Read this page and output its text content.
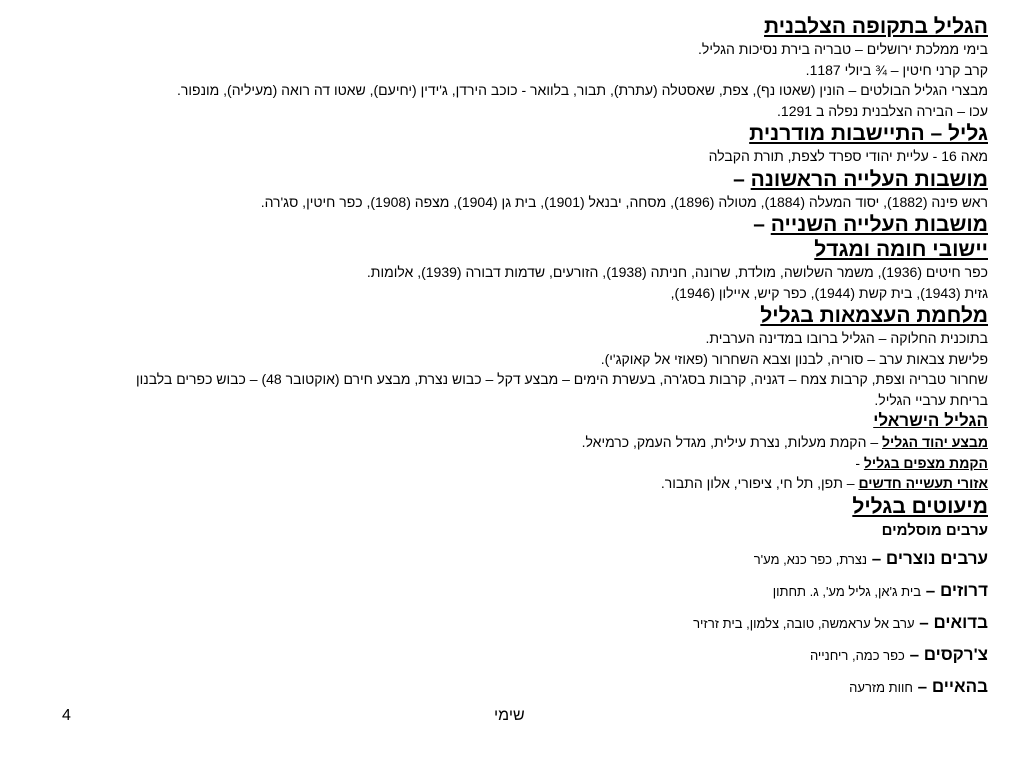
הגליל בתקופה הצלבנית

בימי ממלכת ירושלים – טבריה בירת נסיכות הגליל.

קרב קרני חיטין – ¾ ביולי 1187.

מבצרי הגליל הבולטים – הונין (שאטו נף), צפת, שאסטלה (עתרת), תבור, בלוואר - כוכב הירדן, ג'ידין (יחיעם), שאטו דה רואה (מעיליה), מונפור.

עכו – הבירה הצלבנית נפלה ב 1291.

גליל – התיישבות מודרנית

מאה 16 - עליית יהודי ספרד לצפת, תורת הקבלה

מושבות העלייה הראשונה –

ראש פינה (1882), יסוד המעלה (1884), מטולה (1896), מסחה, יבנאל (1901), בית גן (1904), מצפה (1908), כפר חיטין, סג'רה.

מושבות העלייה השנייה –
יישובי חומה ומגדל

כפר חיטים (1936), משמר השלושה, מולדת, שרונה, חניתה (1938), הזורעים, שדמות דבורה (1939), אלומות.

גזית (1943), בית קשת (1944), כפר קיש, איילון (1946),

מלחמת העצמאות בגליל

בתוכנית החלוקה – הגליל ברובו במדינה הערבית.

פלישת צבאות ערב – סוריה, לבנון וצבא השחרור (פאוזי אל קאוקג'י).

שחרור טבריה וצפת, קרבות צמח – דגניה, קרבות בסג'רה, בעשרת הימים – מבצע דקל – כבוש נצרת, מבצע חירם (אוקטובר 48) – כבוש כפרים בלבנון

בריחת ערביי הגליל.

הגליל הישראלי

מבצע יהוד הגליל – הקמת מעלות, נצרת עילית, מגדל העמק, כרמיאל.

הקמת מצפים בגליל -

אזורי תעשייה חדשים – תפן, תל חי, ציפורי, אלון התבור.

מיעוטים בגליל

ערבים מוסלמים

ערבים נוצרים – נצרת, כפר כנא, מע'ר

דרוזים – בית ג'אן, גליל מע', ג. תחתון

בדואים – ערב אל עראמשה, טובה, צלמון, בית זרזיר

צ'רקסים – כפר כמה, ריחנייה

בהאיים – חוות מזרעה

4	שימי
